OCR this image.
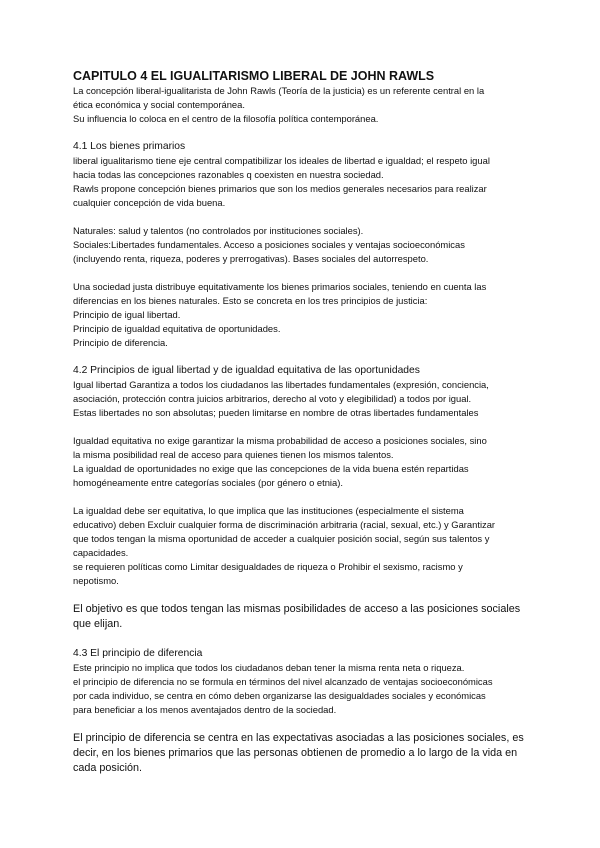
CAPITULO 4 EL IGUALITARISMO LIBERAL DE JOHN RAWLS

La concepción liberal-igualitarista de John Rawls (Teoría de la justicia) es un referente central en la

ética económica y social contemporánea.

Su influencia lo coloca en el centro de la filosofía política contemporánea.

4.1 Los bienes primarios

liberal igualitarismo tiene eje central compatibilizar los ideales de libertad e igualdad; el respeto igual

hacia todas las concepciones razonables q coexisten en nuestra sociedad.

Rawls propone concepción bienes primarios que son los medios generales necesarios para realizar

cualquier concepción de vida buena.

Naturales: salud y talentos (no controlados por instituciones sociales).

Sociales:Libertades fundamentales. Acceso a posiciones sociales y ventajas socioeconómicas

(incluyendo renta, riqueza, poderes y prerrogativas). Bases sociales del autorrespeto.

Una sociedad justa distribuye equitativamente los bienes primarios sociales, teniendo en cuenta las

diferencias en los bienes naturales. Esto se concreta en los tres principios de justicia:

Principio de igual libertad.

Principio de igualdad equitativa de oportunidades.

Principio de diferencia.

4.2 Principios de igual libertad y de igualdad equitativa de las oportunidades

Igual libertad Garantiza a todos los ciudadanos las libertades fundamentales (expresión, conciencia,

asociación, protección contra juicios arbitrarios, derecho al voto y elegibilidad) a todos por igual.

Estas libertades no son absolutas; pueden limitarse en nombre de otras libertades fundamentales

Igualdad equitativa no exige garantizar la misma probabilidad de acceso a posiciones sociales, sino

la misma posibilidad real de acceso para quienes tienen los mismos talentos.

La igualdad de oportunidades no exige que las concepciones de la vida buena estén repartidas

homogéneamente entre categorías sociales (por género o etnia).

La igualdad debe ser equitativa, lo que implica que las instituciones (especialmente el sistema

educativo) deben Excluir cualquier forma de discriminación arbitraria (racial, sexual, etc.) y Garantizar

que todos tengan la misma oportunidad de acceder a cualquier posición social, según sus talentos y

capacidades.

se requieren políticas como Limitar desigualdades de riqueza o Prohibir el sexismo, racismo y

nepotismo.

El objetivo es que todos tengan las mismas posibilidades de acceso a las posiciones sociales

que elijan.

4.3 El principio de diferencia

Este principio no implica que todos los ciudadanos deban tener la misma renta neta o riqueza.

el principio de diferencia no se formula en términos del nivel alcanzado de ventajas socioeconómicas

por cada individuo, se centra en cómo deben organizarse las desigualdades sociales y económicas

para beneficiar a los menos aventajados dentro de la sociedad.

El principio de diferencia se centra en las expectativas asociadas a las posiciones sociales, es

decir, en los bienes primarios que las personas obtienen de promedio a lo largo de la vida en

cada posición.
